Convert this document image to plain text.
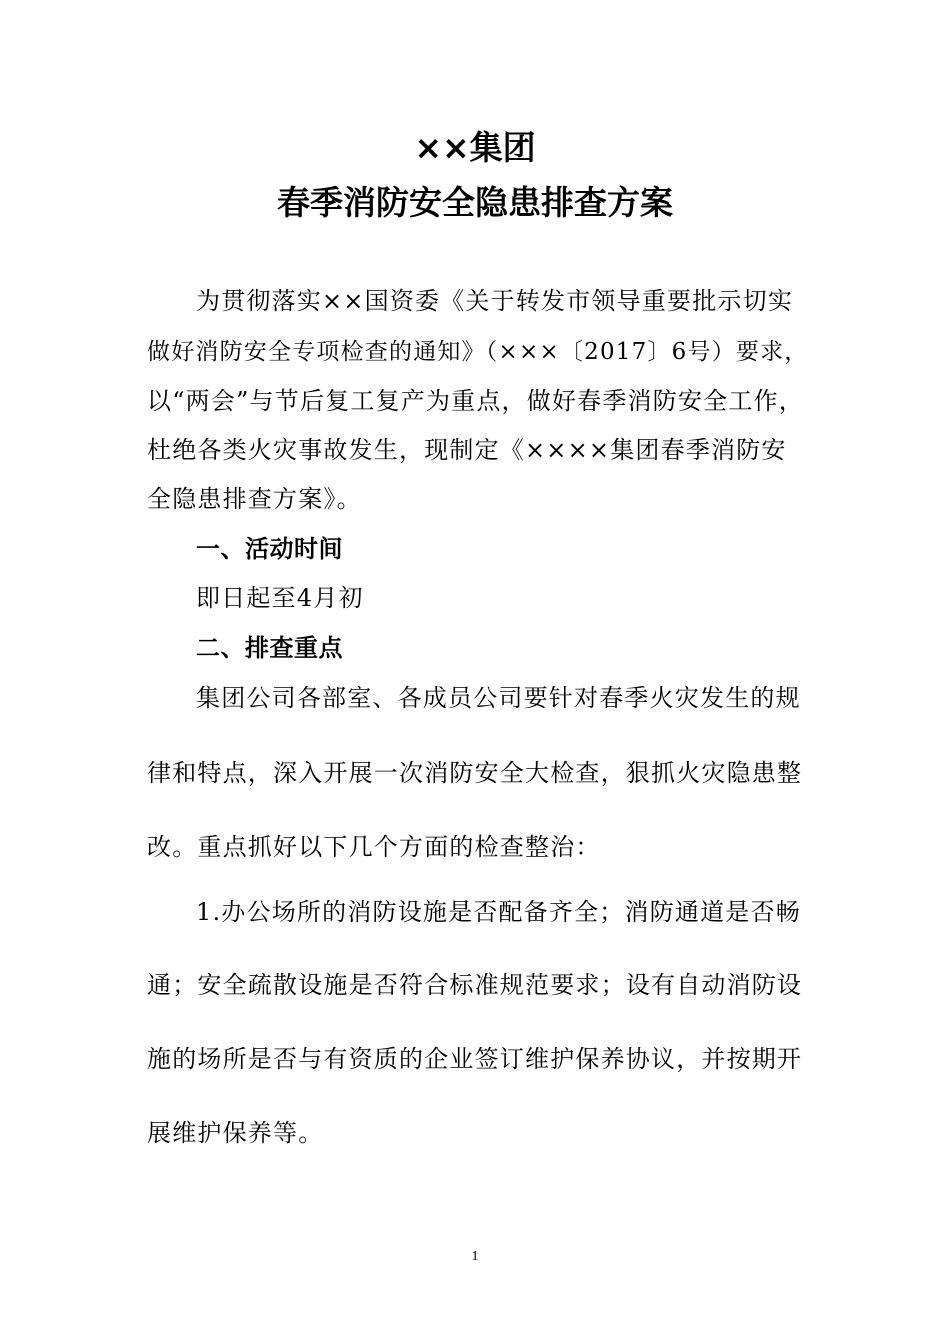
××集团
春季消防安全隐患排查方案
为贯彻落实××国资委《关于转发市领导重要批示切实
做好消防安全专项检查的通知》（×××〔2017〕6号）要求，
以“两会”与节后复工复产为重点，做好春季消防安全工作，
杜绝各类火灾事故发生，现制定《××××集团春季消防安
全隐患排查方案》。
一、活动时间
即日起至4月初
二、排查重点
集团公司各部室、各成员公司要针对春季火灾发生的规
律和特点，深入开展一次消防安全大检查，狠抓火灾隐患整
改。重点抓好以下几个方面的检查整治：
1.办公场所的消防设施是否配备齐全；消防通道是否畅
通；安全疏散设施是否符合标准规范要求；设有自动消防设
施的场所是否与有资质的企业签订维护保养协议，并按期开
展维护保养等。
1
